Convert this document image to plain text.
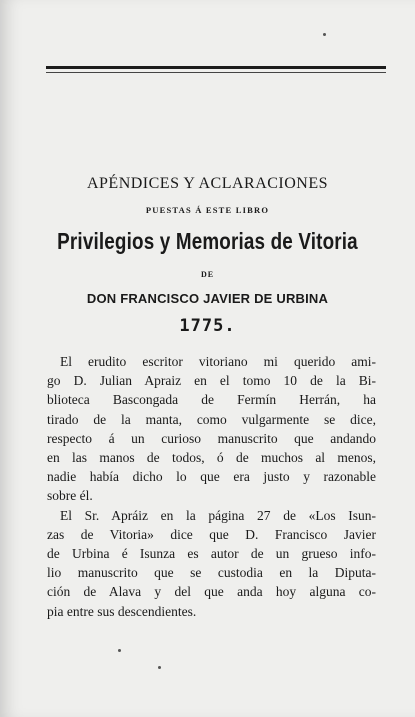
APÉNDICES Y ACLARACIONES
PUESTAS Á ESTE LIBRO
Privilegios y Memorias de Vitoria
DE
DON FRANCISCO JAVIER DE URBINA
1775.
El erudito escritor vitoriano mi querido ami-
go D. Julian Apraiz en el tomo 10 de la Bi-
blioteca Bascongada de Fermín Herrán, ha
tirado de la manta, como vulgarmente se dice,
respecto á un curioso manuscrito que andando
en las manos de todos, ó de muchos al menos,
nadie había dicho lo que era justo y razonable
sobre él.
El Sr. Apráiz en la página 27 de «Los Isun-
zas de Vitoria» dice que D. Francisco Javier
de Urbina é Isunza es autor de un grueso info-
lio manuscrito que se custodia en la Diputa-
ción de Alava y del que anda hoy alguna co-
pia entre sus descendientes.
